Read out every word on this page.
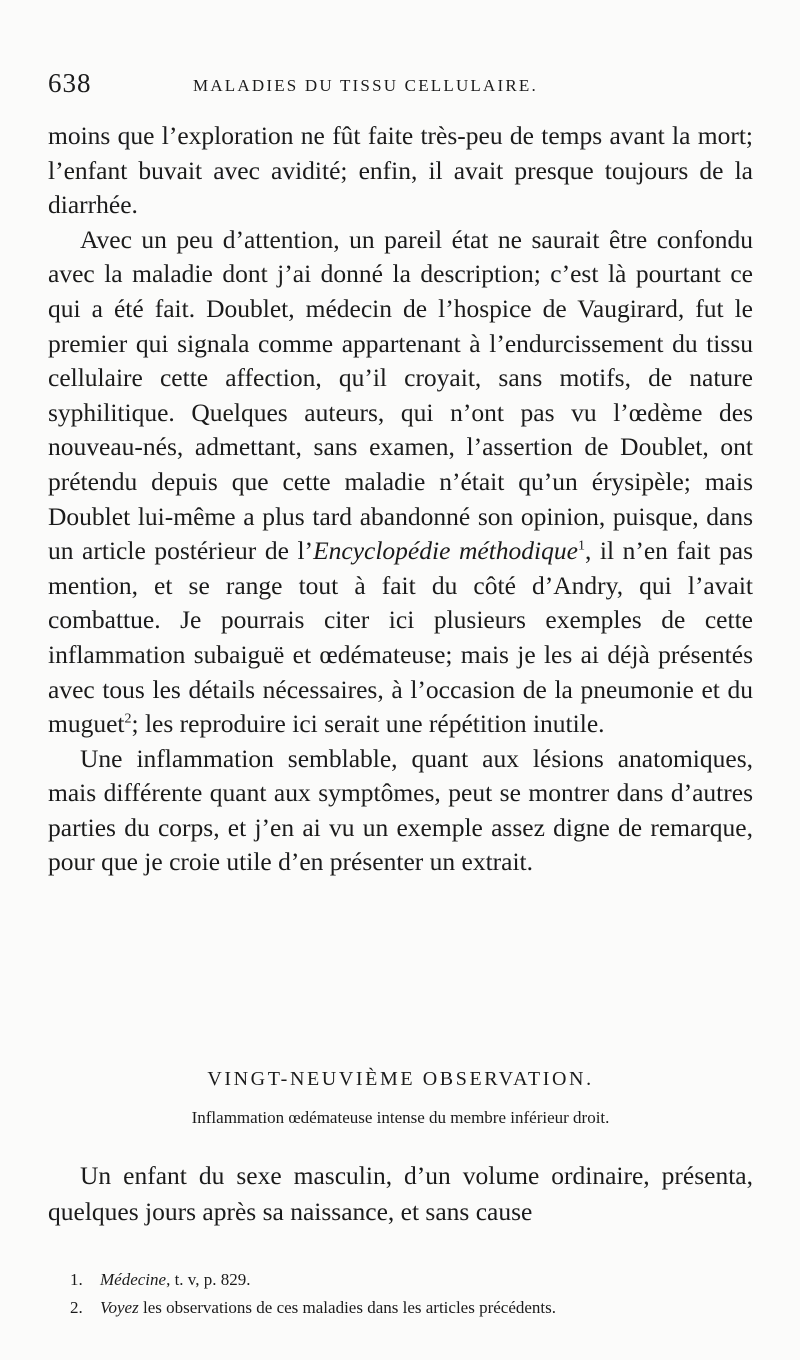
638	MALADIES DU TISSU CELLULAIRE.

moins que l’exploration ne fût faite très-peu de temps avant la mort; l’enfant buvait avec avidité; enfin, il avait presque toujours de la diarrhée.

Avec un peu d’attention, un pareil état ne saurait être confondu avec la maladie dont j’ai donné la description; c’est là pourtant ce qui a été fait. Doublet, médecin de l’hospice de Vaugirard, fut le premier qui signala comme appartenant à l’endurcissement du tissu cellulaire cette affection, qu’il croyait, sans motifs, de nature syphilitique. Quelques auteurs, qui n’ont pas vu l’œdème des nouveau-nés, admettant, sans examen, l’assertion de Doublet, ont prétendu depuis que cette maladie n’était qu’un érysipèle; mais Doublet lui-même a plus tard abandonné son opinion, puisque, dans un article postérieur de l’Encyclopédie méthodique$^1$, il n’en fait pas mention, et se range tout à fait du côté d’Andry, qui l’avait combattue. Je pourrais citer ici plusieurs exemples de cette inflammation subaiguë et œdémateuse; mais je les ai déjà présentés avec tous les détails nécessaires, à l’occasion de la pneumonie et du muguet$^2$; les reproduire ici serait une répétition inutile.

Une inflammation semblable, quant aux lésions anatomiques, mais différente quant aux symptômes, peut se montrer dans d’autres parties du corps, et j’en ai vu un exemple assez digne de remarque, pour que je croie utile d’en présenter un extrait.

VINGT-NEUVIÈME OBSERVATION.
Inflammation œdémateuse intense du membre inférieur droit.

Un enfant du sexe masculin, d’un volume ordinaire, présenta, quelques jours après sa naissance, et sans cause

1. Médecine, t. v, p. 829.
2. Voyez les observations de ces maladies dans les articles précédents.
